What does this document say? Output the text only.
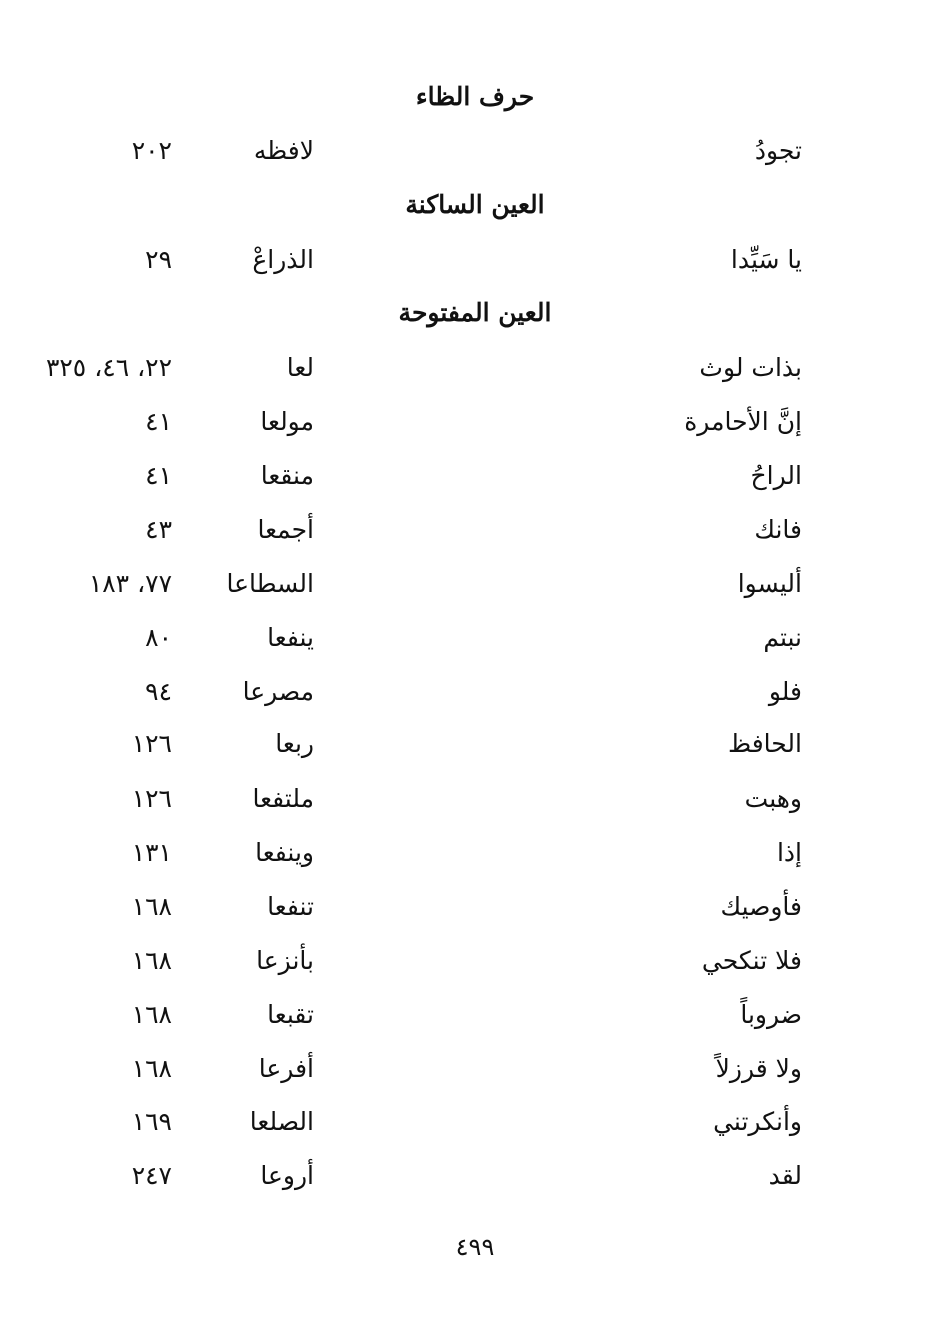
حرف الظاء
تجودُ
لافظه
٢٠٢
العين الساكنة
يا سَيِّدا
الذراعْ
٢٩
العين المفتوحة
بذات لوث
لعا
٢٢، ٤٦، ٣٢٥
إنَّ الأحامرة
مولعا
٤١
الراحُ
منقعا
٤١
فانك
أجمعا
٤٣
أليسوا
السطاعا
٧٧، ١٨٣
نبتم
ينفعا
٨٠
فلو
مصرعا
٩٤
الحافظ
ربعا
١٢٦
وهبت
ملتفعا
١٢٦
إذا
وينفعا
١٣١
فأوصيك
تنفعا
١٦٨
فلا تنكحي
بأنزعا
١٦٨
ضروباً
تقبعا
١٦٨
ولا قرزلاً
أفرعا
١٦٨
وأنكرتني
الصلعا
١٦٩
لقد
أروعا
٢٤٧
٤٩٩
